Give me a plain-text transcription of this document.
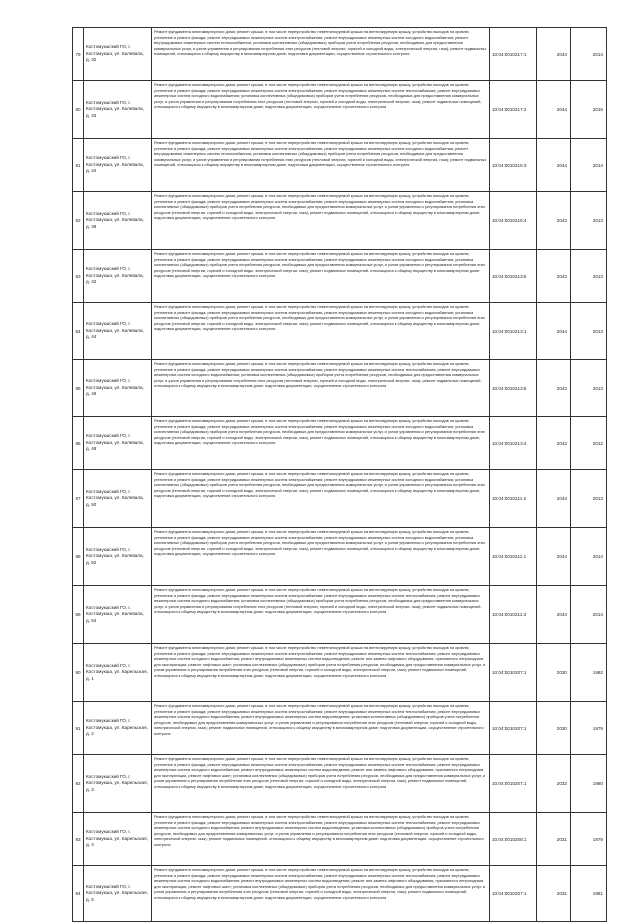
79	Костомукшский ГО, г. Костомукша, ул. Калевала, д. 32	Ремонт фундамента многоквартирного дома; ремонт крыши, в том числе переустройство невентилируемой крыши на вентилируемую крышу, устройство выходов на кровлю; утепление и ремонт фасада; ремонт внутридомовых инженерных систем электроснабжения; ремонт внутридомовых инженерных систем холодного водоснабжения; ремонт внутридомовых инженерных систем теплоснабжения; установка коллективных (общедомовых) приборов учета потребления ресурсов, необходимых для предоставления коммунальных услуг, и узлов управления и регулирования потребления этих ресурсов (тепловой энергии, горячей и холодной воды, электрической энергии, газа); ремонт подвальных помещений, относящихся к общему имуществу в многоквартирном доме; подготовка документации, осуществление строительного контроля	10:04:0010217:1	2044	2014
80	Костомукшский ГО, г. Костомукша, ул. Калевала, д. 33	Ремонт фундамента многоквартирного дома; ремонт крыши, в том числе переустройство невентилируемой крыши на вентилируемую крышу, устройство выходов на кровлю; утепление и ремонт фасада; ремонт внутридомовых инженерных систем электроснабжения; ремонт внутридомовых инженерных систем теплоснабжения; ремонт внутридомовых инженерных систем холодного водоснабжения; установка коллективных (общедомовых) приборов учета потребления ресурсов, необходимых для предоставления коммунальных услуг, и узлов управления и регулирования потребления этих ресурсов (тепловой энергии, горячей и холодной воды, электрической энергии, газа); ремонт подвальных помещений, относящихся к общему имуществу в многоквартирном доме; подготовка документации, осуществление строительного контроля	10:04:0010217:2	2044	2015
81	Костомукшский ГО, г. Костомукша, ул. Калевала, д. 34	Ремонт фундамента многоквартирного дома; ремонт крыши, в том числе переустройство невентилируемой крыши на вентилируемую крышу, устройство выходов на кровлю; утепление и ремонт фасада; ремонт внутридомовых инженерных систем электроснабжения; ремонт внутридомовых инженерных систем холодного водоснабжения; ремонт внутридомовых инженерных систем теплоснабжения; установка коллективных (общедомовых) приборов учета потребления ресурсов, необходимых для предоставления коммунальных услуг, и узлов управления и регулирования потребления этих ресурсов (тепловой энергии, горячей и холодной воды, электрической энергии, газа); ремонт подвальных помещений, относящихся к общему имуществу в многоквартирном доме; подготовка документации, осуществление строительного контроля	10:04:0010215:3	2044	2014
82	Костомукшский ГО, г. Костомукша, ул. Калевала, д. 38	Ремонт фундамента многоквартирного дома; ремонт крыши, в том числе переустройство невентилируемой крыши на вентилируемую крышу, устройство выходов на кровлю; утепление и ремонт фасада; ремонт внутридомовых инженерных систем электроснабжения; ремонт внутридомовых инженерных систем холодного водоснабжения; установка коллективных (общедомовых) приборов учета потребления ресурсов, необходимых для предоставления коммунальных услуг, и узлов управления и регулирования потребления этих ресурсов (тепловой энергии, горячей и холодной воды, электрической энергии, газа); ремонт подвальных помещений, относящихся к общему имуществу в многоквартирном доме; подготовка документации, осуществление строительного контроля	10:04:0010215:4	2043	2013
83	Костомукшский ГО, г. Костомукша, ул. Калевала, д. 42	Ремонт фундамента многоквартирного дома; ремонт крыши, в том числе переустройство невентилируемой крыши на вентилируемую крышу, устройство выходов на кровлю; утепление и ремонт фасада; ремонт внутридомовых инженерных систем электроснабжения; ремонт внутридомовых инженерных систем холодного водоснабжения; установка коллективных (общедомовых) приборов учета потребления ресурсов, необходимых для предоставления коммунальных услуг, и узлов управления и регулирования потребления этих ресурсов (тепловой энергии, горячей и холодной воды, электрической энергии, газа); ремонт подвальных помещений, относящихся к общему имуществу в многоквартирном доме; подготовка документации, осуществление строительного контроля	10:04:0010213:5	2043	2013
84	Костомукшский ГО, г. Костомукша, ул. Калевала, д. 44	Ремонт фундамента многоквартирного дома; ремонт крыши, в том числе переустройство невентилируемой крыши на вентилируемую крышу, устройство выходов на кровлю; утепление и ремонт фасада; ремонт внутридомовых инженерных систем электроснабжения; ремонт внутридомовых инженерных систем холодного водоснабжения; установка коллективных (общедомовых) приборов учета потребления ресурсов, необходимых для предоставления коммунальных услуг, и узлов управления и регулирования потребления этих ресурсов (тепловой энергии, горячей и холодной воды, электрической энергии, газа); ремонт подвальных помещений, относящихся к общему имуществу в многоквартирном доме; подготовка документации, осуществление строительного контроля	10:04:0010213:1	2044	2013
85	Костомукшский ГО, г. Костомукша, ул. Калевала, д. 46	Ремонт фундамента многоквартирного дома; ремонт крыши, в том числе переустройство невентилируемой крыши на вентилируемую крышу, устройство выходов на кровлю; утепление и ремонт фасада; ремонт внутридомовых инженерных систем электроснабжения; ремонт внутридомовых инженерных систем теплоснабжения; ремонт внутридомовых инженерных систем холодного водоснабжения; установка коллективных (общедомовых) приборов учета потребления ресурсов, необходимых для предоставления коммунальных услуг, и узлов управления и регулирования потребления этих ресурсов (тепловой энергии, горячей и холодной воды, электрической энергии, газа); ремонт подвальных помещений, относящихся к общему имуществу в многоквартирном доме; подготовка документации, осуществление строительного контроля	10:04:0010213:6	2043	2013
86	Костомукшский ГО, г. Костомукша, ул. Калевала, д. 48	Ремонт фундамента многоквартирного дома; ремонт крыши, в том числе переустройство невентилируемой крыши на вентилируемую крышу, устройство выходов на кровлю; утепление и ремонт фасада; ремонт внутридомовых инженерных систем электроснабжения; ремонт внутридомовых инженерных систем холодного водоснабжения; установка коллективных (общедомовых) приборов учета потребления ресурсов, необходимых для предоставления коммунальных услуг, и узлов управления и регулирования потребления этих ресурсов (тепловой энергии, горячей и холодной воды, электрической энергии, газа); ремонт подвальных помещений, относящихся к общему имуществу в многоквартирном доме; подготовка документации, осуществление строительного контроля	10:04:0010213:4	2043	2012
87	Костомукшский ГО, г. Костомукша, ул. Калевала, д. 50	Ремонт фундамента многоквартирного дома; ремонт крыши, в том числе переустройство невентилируемой крыши на вентилируемую крышу, устройство выходов на кровлю; утепление и ремонт фасада; ремонт внутридомовых инженерных систем электроснабжения; ремонт внутридомовых инженерных систем холодного водоснабжения; установка коллективных (общедомовых) приборов учета потребления ресурсов, необходимых для предоставления коммунальных услуг, и узлов управления и регулирования потребления этих ресурсов (тепловой энергии, горячей и холодной воды, электрической энергии, газа); ремонт подвальных помещений, относящихся к общему имуществу в многоквартирном доме; подготовка документации, осуществление строительного контроля	10:04:0010211:2	2044	2013
88	Костомукшский ГО, г. Костомукша, ул. Калевала, д. 52	Ремонт фундамента многоквартирного дома; ремонт крыши, в том числе переустройство невентилируемой крыши на вентилируемую крышу, устройство выходов на кровлю; утепление и ремонт фасада; ремонт внутридомовых инженерных систем электроснабжения; ремонт внутридомовых инженерных систем холодного водоснабжения; установка коллективных (общедомовых) приборов учета потребления ресурсов, необходимых для предоставления коммунальных услуг, и узлов управления и регулирования потребления этих ресурсов (тепловой энергии, горячей и холодной воды, электрической энергии, газа); ремонт подвальных помещений, относящихся к общему имуществу в многоквартирном доме; подготовка документации, осуществление строительного контроля	10:04:0010211:1	2044	2014
89	Костомукшский ГО, г. Костомукша, ул. Калевала, д. 54	Ремонт фундамента многоквартирного дома; ремонт крыши, в том числе переустройство невентилируемой крыши на вентилируемую крышу, устройство выходов на кровлю; утепление и ремонт фасада; ремонт внутридомовых инженерных систем электроснабжения; ремонт внутридомовых инженерных систем теплоснабжения; ремонт внутридомовых инженерных систем холодного водоснабжения; установка коллективных (общедомовых) приборов учета потребления ресурсов, необходимых для предоставления коммунальных услуг, и узлов управления и регулирования потребления этих ресурсов (тепловой энергии, горячей и холодной воды, электрической энергии, газа); ремонт подвальных помещений, относящихся к общему имуществу в многоквартирном доме; подготовка документации, осуществление строительного контроля	10:04:0010211:3	2044	2014
90	Костомукшский ГО, г. Костомукша, ул. Карельская, д. 1	Ремонт фундамента многоквартирного дома; ремонт крыши, в том числе переустройство невентилируемой крыши на вентилируемую крышу, устройство выходов на кровлю; утепление и ремонт фасада; ремонт внутридомовых инженерных систем электроснабжения; ремонт внутридомовых инженерных систем теплоснабжения; ремонт внутридомовых инженерных систем холодного водоснабжения; ремонт внутридомовых инженерных систем водоотведения; ремонт или замена лифтового оборудования, признанного непригодным для эксплуатации, ремонт лифтовых шахт; установка коллективных (общедомовых) приборов учета потребления ресурсов, необходимых для предоставления коммунальных услуг, и узлов управления и регулирования потребления этих ресурсов (тепловой энергии, горячей и холодной воды, электрической энергии, газа); ремонт подвальных помещений, относящихся к общему имуществу в многоквартирном доме; подготовка документации, осуществление строительного контроля	10:04:0010207:1	2030	1982
91	Костомукшский ГО, г. Костомукша, ул. Карельская, д. 2	Ремонт фундамента многоквартирного дома; ремонт крыши, в том числе переустройство невентилируемой крыши на вентилируемую крышу, устройство выходов на кровлю; утепление и ремонт фасада; ремонт внутридомовых инженерных систем электроснабжения; ремонт внутридомовых инженерных систем теплоснабжения; ремонт внутридомовых инженерных систем холодного водоснабжения; ремонт внутридомовых инженерных систем водоотведения; установка коллективных (общедомовых) приборов учета потребления ресурсов, необходимых для предоставления коммунальных услуг, и узлов управления и регулирования потребления этих ресурсов (тепловой энергии, горячей и холодной воды, электрической энергии, газа); ремонт подвальных помещений, относящихся к общему имуществу в многоквартирном доме; подготовка документации, осуществление строительного контроля	10:04:0010207:1	2030	1979
92	Костомукшский ГО, г. Костомукша, ул. Карельская, д. 3	Ремонт фундамента многоквартирного дома; ремонт крыши, в том числе переустройство невентилируемой крыши на вентилируемую крышу, устройство выходов на кровлю; утепление и ремонт фасада; ремонт внутридомовых инженерных систем электроснабжения; ремонт внутридомовых инженерных систем теплоснабжения; ремонт внутридомовых инженерных систем холодного водоснабжения; ремонт внутридомовых инженерных систем водоотведения; ремонт или замена лифтового оборудования, признанного непригодным для эксплуатации, ремонт лифтовых шахт; установка коллективных (общедомовых) приборов учета потребления ресурсов, необходимых для предоставления коммунальных услуг, и узлов управления и регулирования потребления этих ресурсов (тепловой энергии, горячей и холодной воды, электрической энергии, газа); ремонт подвальных помещений, относящихся к общему имуществу в многоквартирном доме; подготовка документации, осуществление строительного контроля	10:04:0010207:1	2032	1980
93	Костомукшский ГО, г. Костомукша, ул. Карельская, д. 4	Ремонт фундамента многоквартирного дома; ремонт крыши, в том числе переустройство невентилируемой крыши на вентилируемую крышу, устройство выходов на кровлю; утепление и ремонт фасада; ремонт внутридомовых инженерных систем электроснабжения; ремонт внутридомовых инженерных систем теплоснабжения; ремонт внутридомовых инженерных систем холодного водоснабжения; ремонт внутридомовых инженерных систем водоотведения; установка коллективных (общедомовых) приборов учета потребления ресурсов, необходимых для предоставления коммунальных услуг, и узлов управления и регулирования потребления этих ресурсов (тепловой энергии, горячей и холодной воды, электрической энергии, газа); ремонт подвальных помещений, относящихся к общему имуществу в многоквартирном доме; подготовка документации, осуществление строительного контроля	10:04:0010208:1	2031	1979
94	Костомукшский ГО, г. Костомукша, ул. Карельская, д. 5	Ремонт фундамента многоквартирного дома; ремонт крыши, в том числе переустройство невентилируемой крыши на вентилируемую крышу, устройство выходов на кровлю; утепление и ремонт фасада; ремонт внутридомовых инженерных систем электроснабжения; ремонт внутридомовых инженерных систем теплоснабжения; ремонт внутридомовых инженерных систем холодного водоснабжения; ремонт внутридомовых инженерных систем водоотведения; ремонт или замена лифтового оборудования, признанного непригодным для эксплуатации, ремонт лифтовых шахт; установка коллективных (общедомовых) приборов учета потребления ресурсов, необходимых для предоставления коммунальных услуг, и узлов управления и регулирования потребления этих ресурсов (тепловой энергии, горячей и холодной воды, электрической энергии, газа); ремонт подвальных помещений, относящихся к общему имуществу в многоквартирном доме; подготовка документации, осуществление строительного контроля	10:04:0010207:1	2031	1981
